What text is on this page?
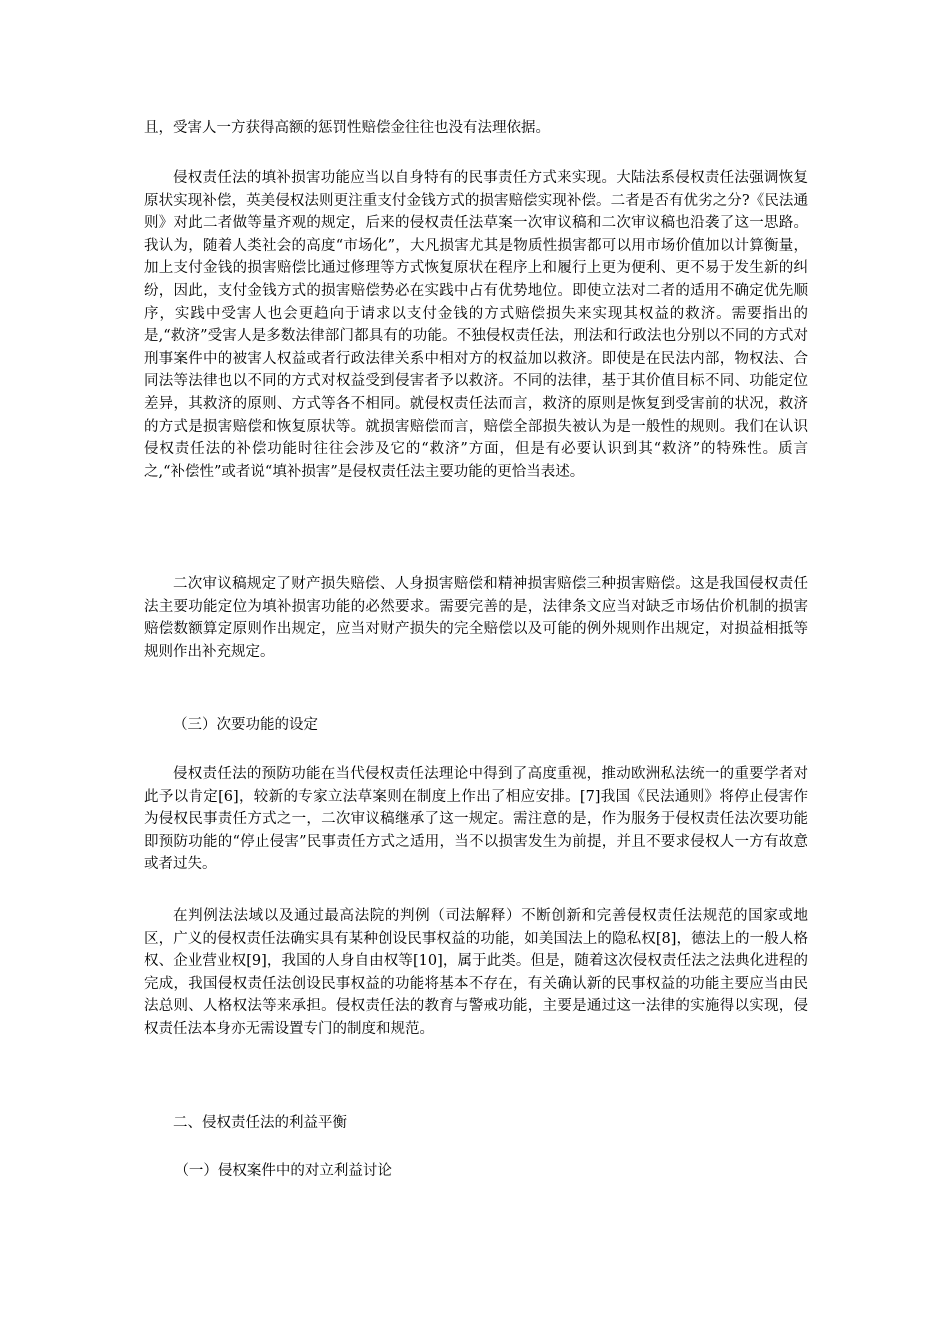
且，受害人一方获得高额的惩罚性赔偿金往往也没有法理依据。

侵权责任法的填补损害功能应当以自身特有的民事责任方式来实现。大陆法系侵权责任法强调恢复原状实现补偿，英美侵权法则更注重支付金钱方式的损害赔偿实现补偿。二者是否有优劣之分?《民法通则》对此二者做等量齐观的规定，后来的侵权责任法草案一次审议稿和二次审议稿也沿袭了这一思路。我认为，随着人类社会的高度“市场化”，大凡损害尤其是物质性损害都可以用市场价值加以计算衡量，加上支付金钱的损害赔偿比通过修理等方式恢复原状在程序上和履行上更为便利、更不易于发生新的纠纷，因此，支付金钱方式的损害赔偿势必在实践中占有优势地位。即使立法对二者的适用不确定优先顺序，实践中受害人也会更趋向于请求以支付金钱的方式赔偿损失来实现其权益的救济。需要指出的是,“救济”受害人是多数法律部门都具有的功能。不独侵权责任法，刑法和行政法也分别以不同的方式对刑事案件中的被害人权益或者行政法律关系中相对方的权益加以救济。即使是在民法内部，物权法、合同法等法律也以不同的方式对权益受到侵害者予以救济。不同的法律，基于其价值目标不同、功能定位差异，其救济的原则、方式等各不相同。就侵权责任法而言，救济的原则是恢复到受害前的状况，救济的方式是损害赔偿和恢复原状等。就损害赔偿而言，赔偿全部损失被认为是一般性的规则。我们在认识侵权责任法的补偿功能时往往会涉及它的“救济”方面，但是有必要认识到其“救济”的特殊性。质言之,“补偿性”或者说“填补损害”是侵权责任法主要功能的更恰当表述。

二次审议稿规定了财产损失赔偿、人身损害赔偿和精神损害赔偿三种损害赔偿。这是我国侵权责任法主要功能定位为填补损害功能的必然要求。需要完善的是，法律条文应当对缺乏市场估价机制的损害赔偿数额算定原则作出规定，应当对财产损失的完全赔偿以及可能的例外规则作出规定，对损益相抵等规则作出补充规定。

（三）次要功能的设定

侵权责任法的预防功能在当代侵权责任法理论中得到了高度重视，推动欧洲私法统一的重要学者对此予以肯定[6]，较新的专家立法草案则在制度上作出了相应安排。[7]我国《民法通则》将停止侵害作为侵权民事责任方式之一，二次审议稿继承了这一规定。需注意的是，作为服务于侵权责任法次要功能即预防功能的“停止侵害”民事责任方式之适用，当不以损害发生为前提，并且不要求侵权人一方有故意或者过失。

在判例法法域以及通过最高法院的判例（司法解释）不断创新和完善侵权责任法规范的国家或地区，广义的侵权责任法确实具有某种创设民事权益的功能，如美国法上的隐私权[8]，德法上的一般人格权、企业营业权[9]，我国的人身自由权等[10]，属于此类。但是，随着这次侵权责任法之法典化进程的完成，我国侵权责任法创设民事权益的功能将基本不存在，有关确认新的民事权益的功能主要应当由民法总则、人格权法等来承担。侵权责任法的教育与警戒功能，主要是通过这一法律的实施得以实现，侵权责任法本身亦无需设置专门的制度和规范。

二、侵权责任法的利益平衡

（一）侵权案件中的对立利益讨论
